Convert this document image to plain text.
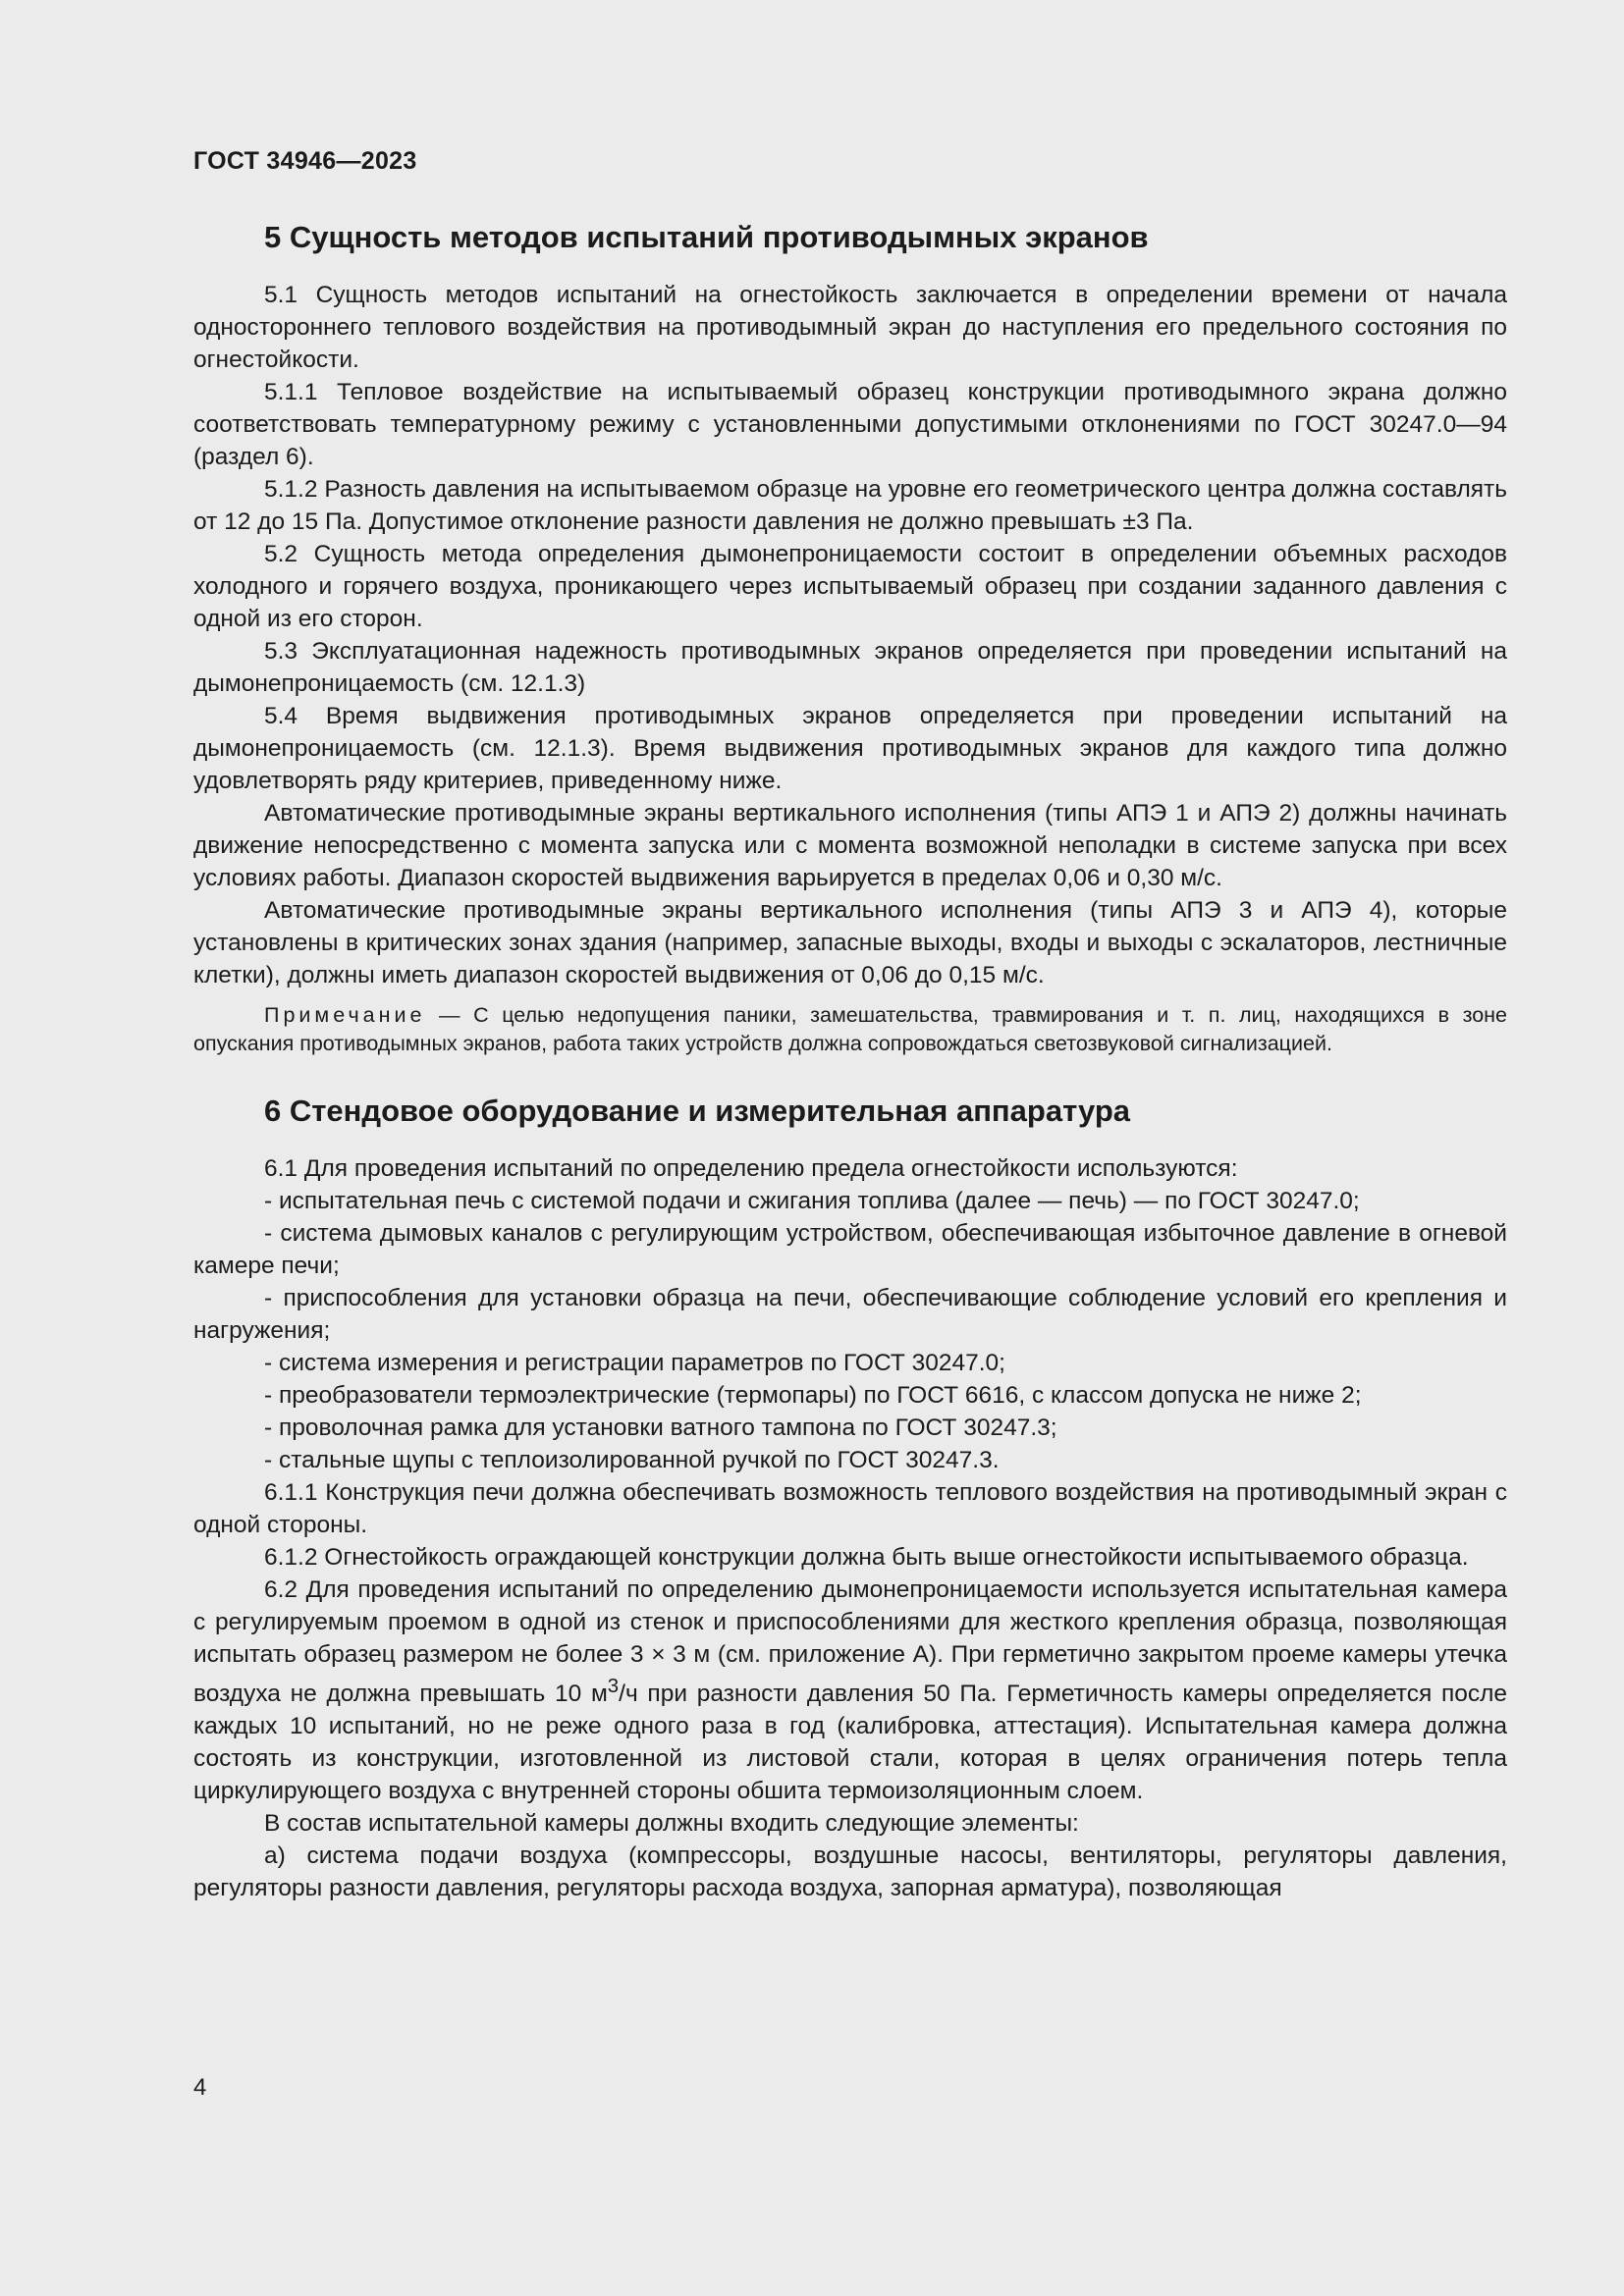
ГОСТ 34946—2023
5 Сущность методов испытаний противодымных экранов

5.1 Сущность методов испытаний на огнестойкость заключается в определении времени от начала одностороннего теплового воздействия на противодымный экран до наступления его предельного состояния по огнестойкости.

5.1.1 Тепловое воздействие на испытываемый образец конструкции противодымного экрана должно соответствовать температурному режиму с установленными допустимыми отклонениями по ГОСТ 30247.0—94 (раздел 6).

5.1.2 Разность давления на испытываемом образце на уровне его геометрического центра должна составлять от 12 до 15 Па. Допустимое отклонение разности давления не должно превышать ±3 Па.

5.2 Сущность метода определения дымонепроницаемости состоит в определении объемных расходов холодного и горячего воздуха, проникающего через испытываемый образец при создании заданного давления с одной из его сторон.

5.3 Эксплуатационная надежность противодымных экранов определяется при проведении испытаний на дымонепроницаемость (см. 12.1.3)

5.4 Время выдвижения противодымных экранов определяется при проведении испытаний на дымонепроницаемость (см. 12.1.3). Время выдвижения противодымных экранов для каждого типа должно удовлетворять ряду критериев, приведенному ниже.

Автоматические противодымные экраны вертикального исполнения (типы АПЭ 1 и АПЭ 2) должны начинать движение непосредственно с момента запуска или с момента возможной неполадки в системе запуска при всех условиях работы. Диапазон скоростей выдвижения варьируется в пределах 0,06 и 0,30 м/с.

Автоматические противодымные экраны вертикального исполнения (типы АПЭ 3 и АПЭ 4), которые установлены в критических зонах здания (например, запасные выходы, входы и выходы с эскалаторов, лестничные клетки), должны иметь диапазон скоростей выдвижения от 0,06 до 0,15 м/с.

Примечание — С целью недопущения паники, замешательства, травмирования и т. п. лиц, находящихся в зоне опускания противодымных экранов, работа таких устройств должна сопровождаться светозвуковой сигнализацией.

6 Стендовое оборудование и измерительная аппаратура

6.1 Для проведения испытаний по определению предела огнестойкости используются:

- испытательная печь с системой подачи и сжигания топлива (далее — печь) — по ГОСТ 30247.0;

- система дымовых каналов с регулирующим устройством, обеспечивающая избыточное давление в огневой камере печи;

- приспособления для установки образца на печи, обеспечивающие соблюдение условий его крепления и нагружения;

- система измерения и регистрации параметров по ГОСТ 30247.0;

- преобразователи термоэлектрические (термопары) по ГОСТ 6616, с классом допуска не ниже 2;

- проволочная рамка для установки ватного тампона по ГОСТ 30247.3;

- стальные щупы с теплоизолированной ручкой по ГОСТ 30247.3.

6.1.1 Конструкция печи должна обеспечивать возможность теплового воздействия на противодымный экран с одной стороны.

6.1.2 Огнестойкость ограждающей конструкции должна быть выше огнестойкости испытываемого образца.

6.2 Для проведения испытаний по определению дымонепроницаемости используется испытательная камера с регулируемым проемом в одной из стенок и приспособлениями для жесткого крепления образца, позволяющая испытать образец размером не более 3 × 3 м (см. приложение А). При герметично закрытом проеме камеры утечка воздуха не должна превышать 10 $м^3/ч$ при разности давления 50 Па. Герметичность камеры определяется после каждых 10 испытаний, но не реже одного раза в год (калибровка, аттестация). Испытательная камера должна состоять из конструкции, изготовленной из листовой стали, которая в целях ограничения потерь тепла циркулирующего воздуха с внутренней стороны обшита термоизоляционным слоем.

В состав испытательной камеры должны входить следующие элементы:

а) система подачи воздуха (компрессоры, воздушные насосы, вентиляторы, регуляторы давления, регуляторы разности давления, регуляторы расхода воздуха, запорная арматура), позволяющая

4
